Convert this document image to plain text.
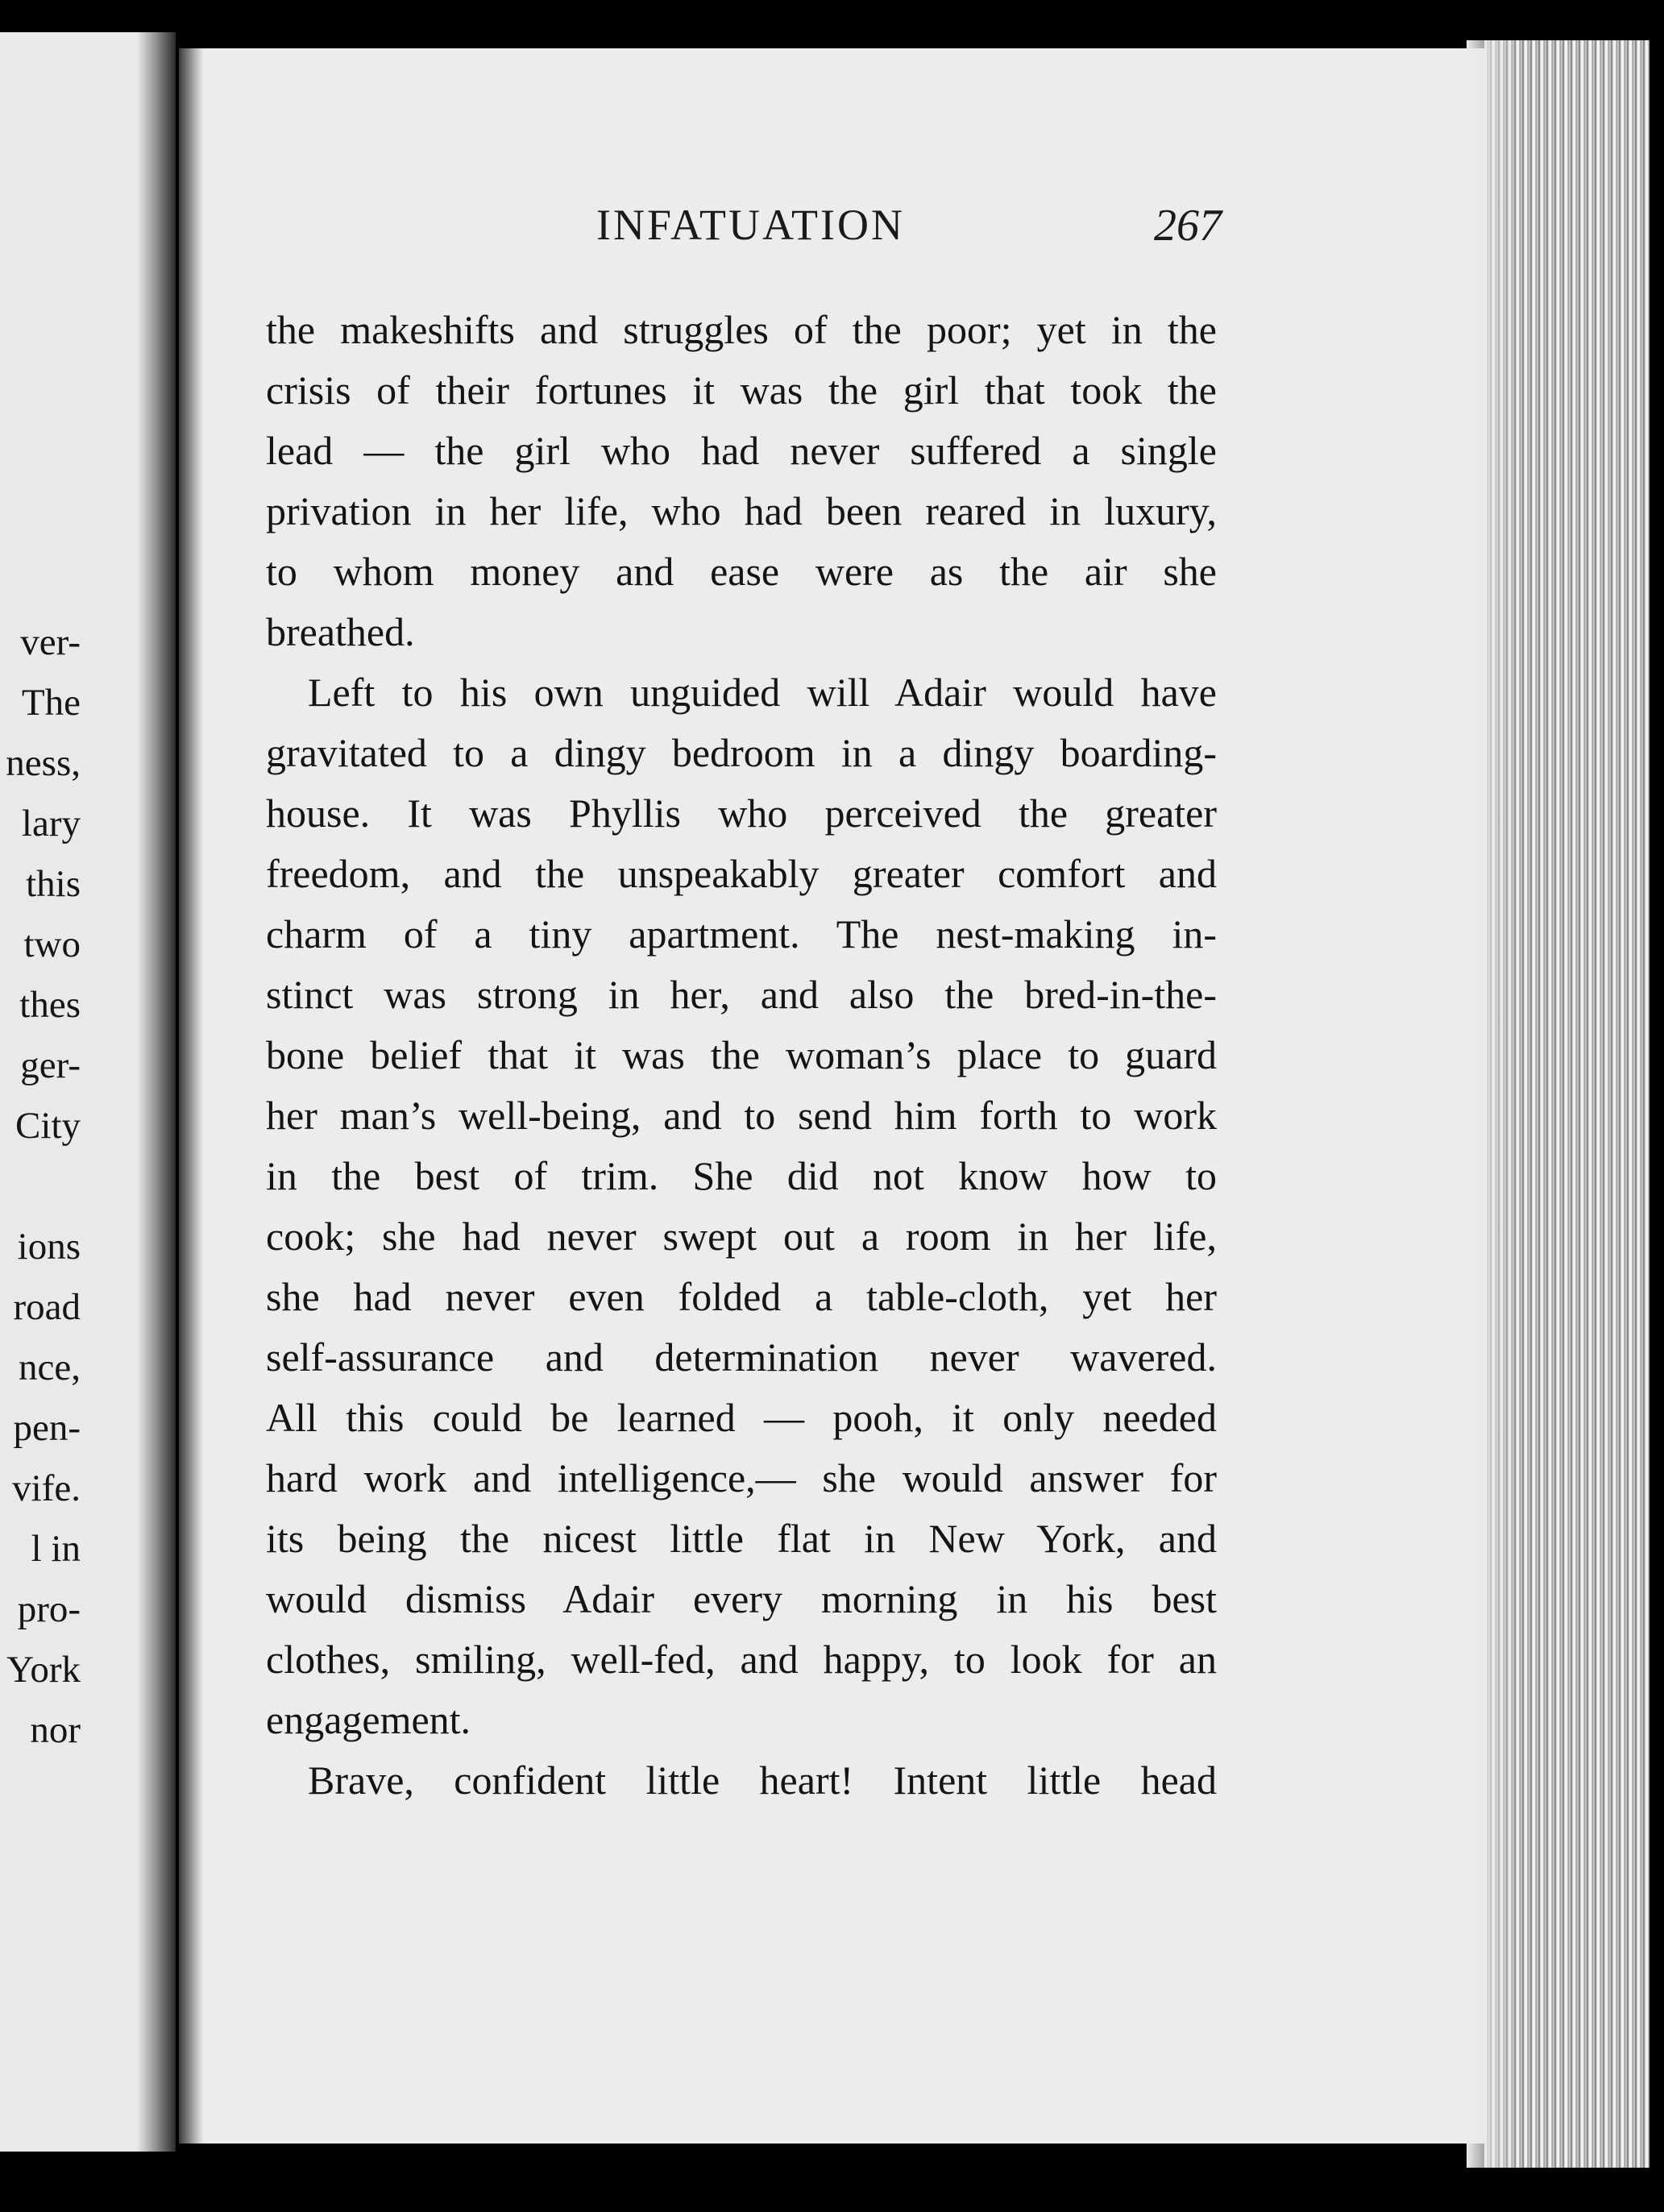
ver-
The
ness,
lary
this
two
thes
ger-
City
ions
road
nce,
pen-
vife.
l in
pro-
York
nor
INFATUATION	267
the makeshifts and struggles of the poor; yet in the
crisis of their fortunes it was the girl that took the
lead — the girl who had never suffered a single
privation in her life, who had been reared in luxury,
to whom money and ease were as the air she
breathed.
Left to his own unguided will Adair would have
gravitated to a dingy bedroom in a dingy boarding-
house. It was Phyllis who perceived the greater
freedom, and the unspeakably greater comfort and
charm of a tiny apartment. The nest-making in-
stinct was strong in her, and also the bred-in-the-
bone belief that it was the woman’s place to guard
her man’s well-being, and to send him forth to work
in the best of trim. She did not know how to
cook; she had never swept out a room in her life,
she had never even folded a table-cloth, yet her
self-assurance and determination never wavered.
All this could be learned — pooh, it only needed
hard work and intelligence,— she would answer for
its being the nicest little flat in New York, and
would dismiss Adair every morning in his best
clothes, smiling, well-fed, and happy, to look for an
engagement.
Brave, confident little heart! Intent little head
